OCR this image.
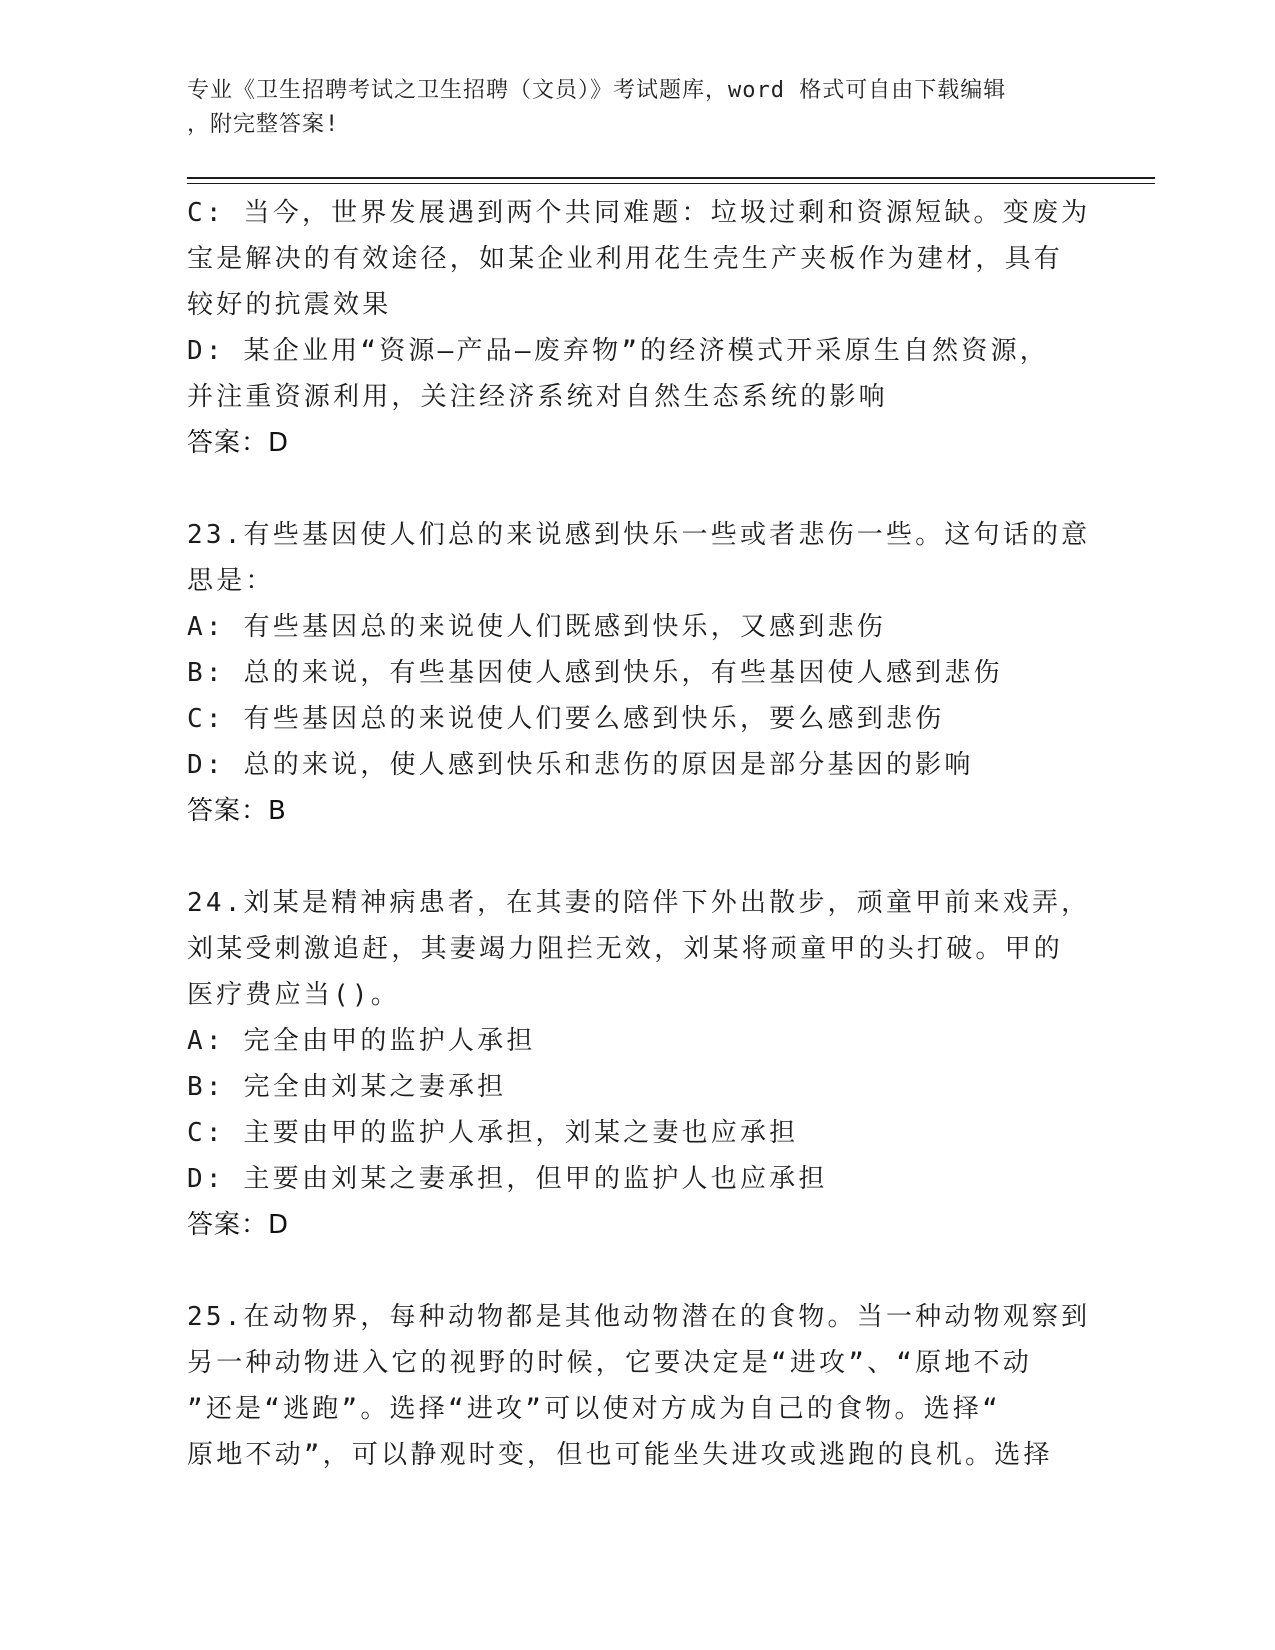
专业《卫生招聘考试之卫生招聘（文员）》考试题库，word 格式可自由下载编辑
，附完整答案!
C: 当今，世界发展遇到两个共同难题：垃圾过剩和资源短缺。变废为
宝是解决的有效途径，如某企业利用花生壳生产夹板作为建材，具有
较好的抗震效果
D: 某企业用“资源—产品—废弃物”的经济模式开采原生自然资源，
并注重资源利用，关注经济系统对自然生态系统的影响
答案：D
23.有些基因使人们总的来说感到快乐一些或者悲伤一些。这句话的意
思是：
A: 有些基因总的来说使人们既感到快乐，又感到悲伤
B: 总的来说，有些基因使人感到快乐，有些基因使人感到悲伤
C: 有些基因总的来说使人们要么感到快乐，要么感到悲伤
D: 总的来说，使人感到快乐和悲伤的原因是部分基因的影响
答案：B
24.刘某是精神病患者，在其妻的陪伴下外出散步，顽童甲前来戏弄，
刘某受刺激追赶，其妻竭力阻拦无效，刘某将顽童甲的头打破。甲的
医疗费应当()。
A: 完全由甲的监护人承担
B: 完全由刘某之妻承担
C: 主要由甲的监护人承担，刘某之妻也应承担
D: 主要由刘某之妻承担，但甲的监护人也应承担
答案：D
25.在动物界，每种动物都是其他动物潜在的食物。当一种动物观察到
另一种动物进入它的视野的时候，它要决定是“进攻”、“原地不动
”还是“逃跑”。选择“进攻”可以使对方成为自己的食物。选择“
原地不动”，可以静观时变，但也可能坐失进攻或逃跑的良机。选择
